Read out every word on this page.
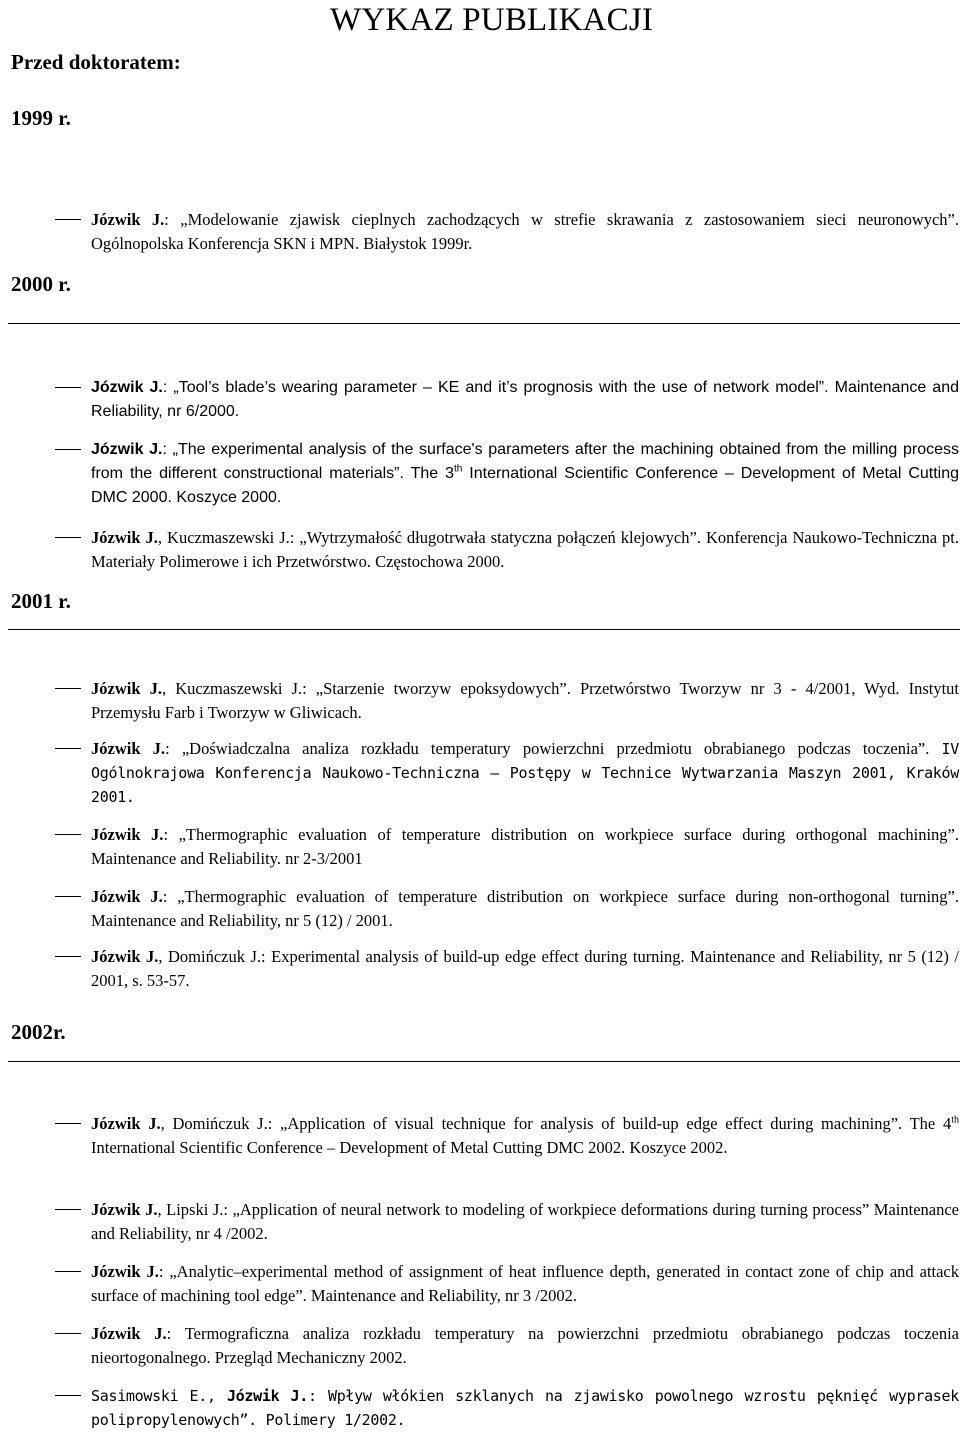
WYKAZ PUBLIKACJI
Przed doktoratem:
1999 r.
Józwik J.: „Modelowanie zjawisk cieplnych zachodzących w strefie skrawania z zastosowaniem sieci neuronowych”. Ogólnopolska Konferencja SKN i MPN. Białystok 1999r.
2000 r.
Józwik J.: „Tool’s blade’s wearing parameter – KE and it’s prognosis with the use of network model”. Maintenance and Reliability, nr 6/2000.
Józwik J.: „The experimental analysis of the surface's parameters after the machining obtained from the milling process from the different constructional materials”. The 3th International Scientific Conference – Development of Metal Cutting DMC 2000. Koszyce 2000.
Józwik J., Kuczmaszewski J.: „Wytrzymałość długotrwała statyczna połączeń klejowych”. Konferencja Naukowo-Techniczna pt. Materiały Polimerowe i ich Przetwórstwo. Częstochowa 2000.
2001 r.
Józwik J., Kuczmaszewski J.: „Starzenie tworzyw epoksydowych”. Przetwórstwo Tworzyw nr 3 - 4/2001, Wyd. Instytut Przemysłu Farb i Tworzyw w Gliwicach.
Józwik J.: „Doświadczalna analiza rozkładu temperatury powierzchni przedmiotu obrabianego podczas toczenia”. IV Ogólnokrajowa Konferencja Naukowo-Techniczna – Postępy w Technice Wytwarzania Maszyn 2001, Kraków 2001.
Józwik J.: „Thermographic evaluation of temperature distribution on workpiece surface during orthogonal machining”. Maintenance and Reliability. nr 2-3/2001
Józwik J.: „Thermographic evaluation of temperature distribution on workpiece surface during non-orthogonal turning”. Maintenance and Reliability, nr 5 (12) / 2001.
Józwik J., Domińczuk J.: Experimental analysis of build-up edge effect during turning. Maintenance and Reliability, nr 5 (12) / 2001, s. 53-57.
2002r.
Józwik J., Domińczuk J.: „Application of visual technique for analysis of build-up edge effect during machining”. The 4th International Scientific Conference – Development of Metal Cutting DMC 2002. Koszyce 2002.
Józwik J., Lipski J.: „Application of neural network to modeling of workpiece deformations during turning process” Maintenance and Reliability, nr 4 /2002.
Józwik J.: „Analytic–experimental method of assignment of heat influence depth, generated in contact zone of chip and attack surface of machining tool edge”. Maintenance and Reliability, nr 3 /2002.
Józwik J.: Termograficzna analiza rozkładu temperatury na powierzchni przedmiotu obrabianego podczas toczenia nieortogonalnego. Przegląd Mechaniczny 2002.
Sasimowski E., Józwik J.: Wpływ włókien szklanych na zjawisko powolnego wzrostu pęknięć wyprasek polipropylenowych”. Polimery 1/2002.
